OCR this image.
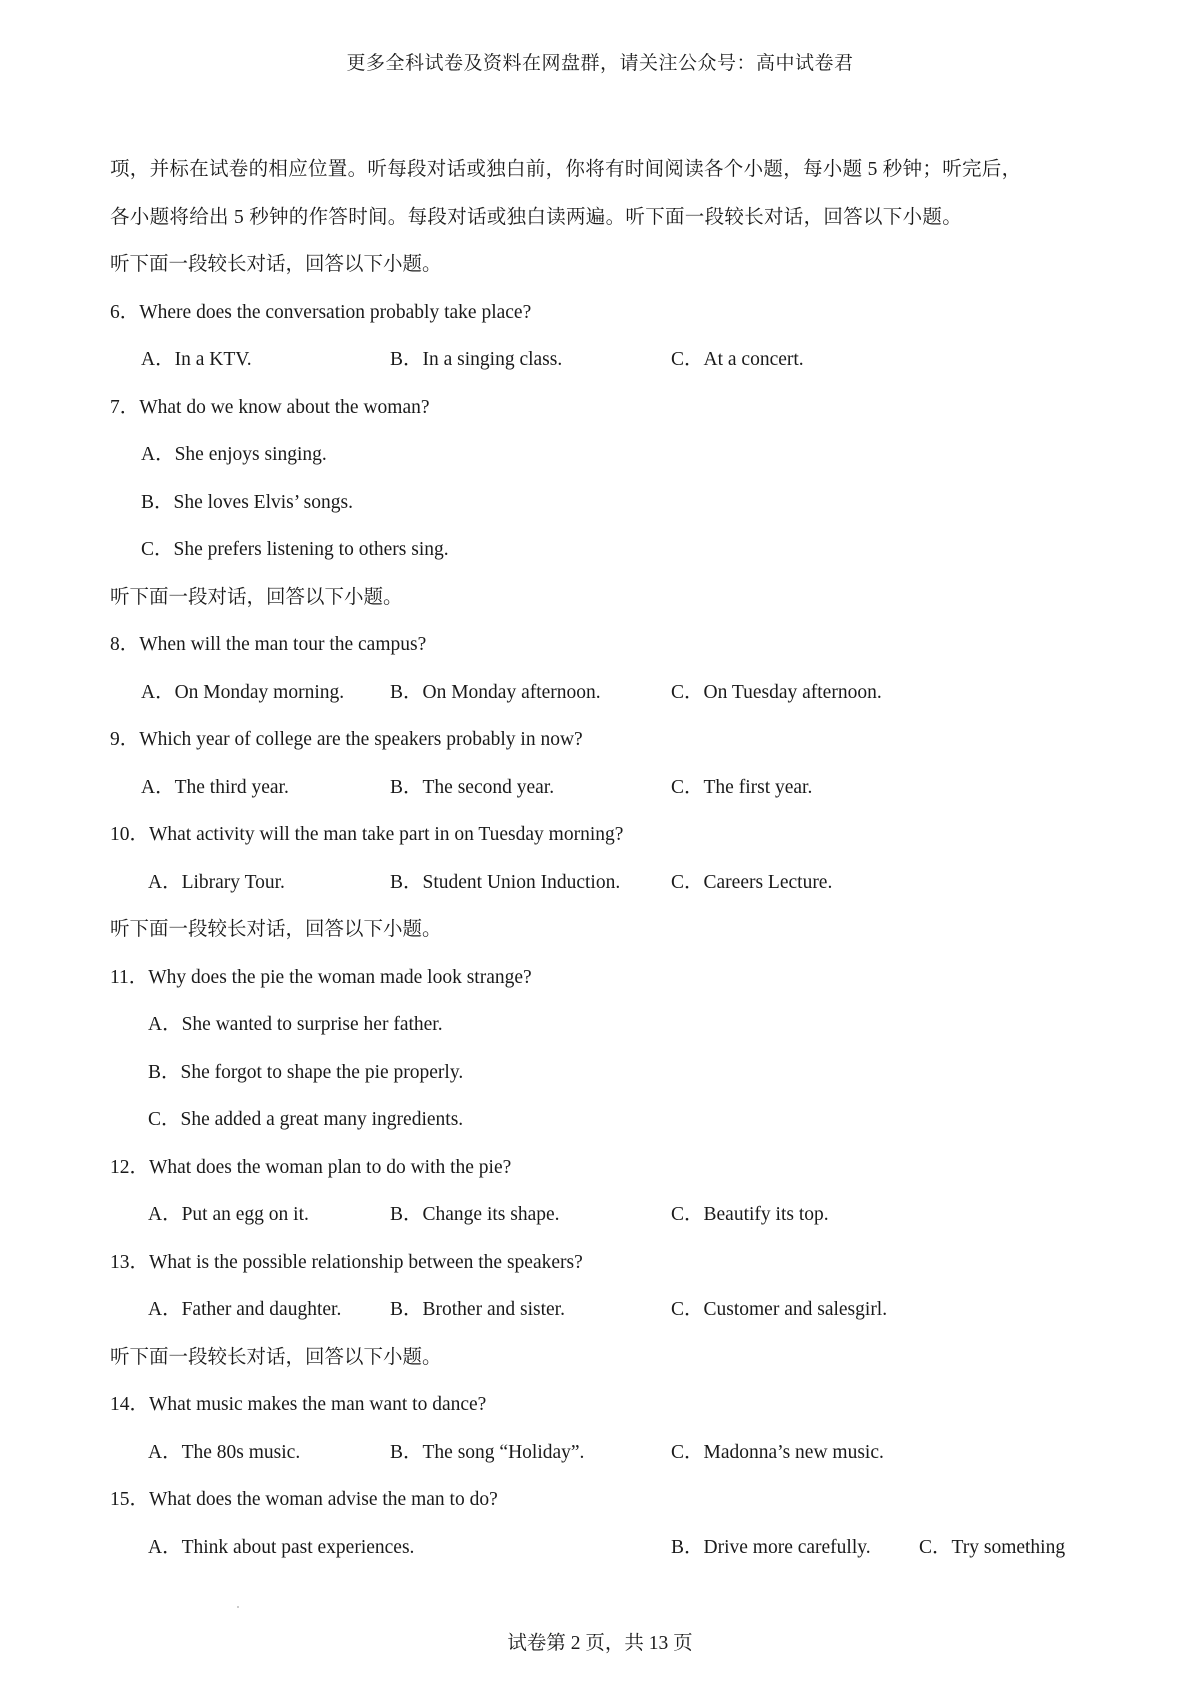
更多全科试卷及资料在网盘群，请关注公众号：高中试卷君
项，并标在试卷的相应位置。听每段对话或独白前，你将有时间阅读各个小题，每小题 5 秒钟；听完后，
各小题将给出 5 秒钟的作答时间。每段对话或独白读两遍。听下面一段较长对话，回答以下小题。
听下面一段较长对话，回答以下小题。
6．Where does the conversation probably take place?
A．In a KTV.	B．In a singing class.	C．At a concert.
7．What do we know about the woman?
A．She enjoys singing.
B．She loves Elvis’ songs.
C．She prefers listening to others sing.
听下面一段对话，回答以下小题。
8．When will the man tour the campus?
A．On Monday morning. B．On Monday afternoon.	C．On Tuesday afternoon.
9．Which year of college are the speakers probably in now?
A．The third year.	B．The second year.	C．The first year.
10．What activity will the man take part in on Tuesday morning?
A．Library Tour.	B．Student Union Induction.	C．Careers Lecture.
听下面一段较长对话，回答以下小题。
11．Why does the pie the woman made look strange?
A．She wanted to surprise her father.
B．She forgot to shape the pie properly.
C．She added a great many ingredients.
12．What does the woman plan to do with the pie?
A．Put an egg on it.	B．Change its shape.	C．Beautify its top.
13．What is the possible relationship between the speakers?
A．Father and daughter. B．Brother and sister.	C．Customer and salesgirl.
听下面一段较长对话，回答以下小题。
14．What music makes the man want to dance?
A．The 80s music.	B．The song “Holiday”.	C．Madonna’s new music.
15．What does the woman advise the man to do?
A．Think about past experiences.	B．Drive more carefully. C．Try something
试卷第 2 页，共 13 页
